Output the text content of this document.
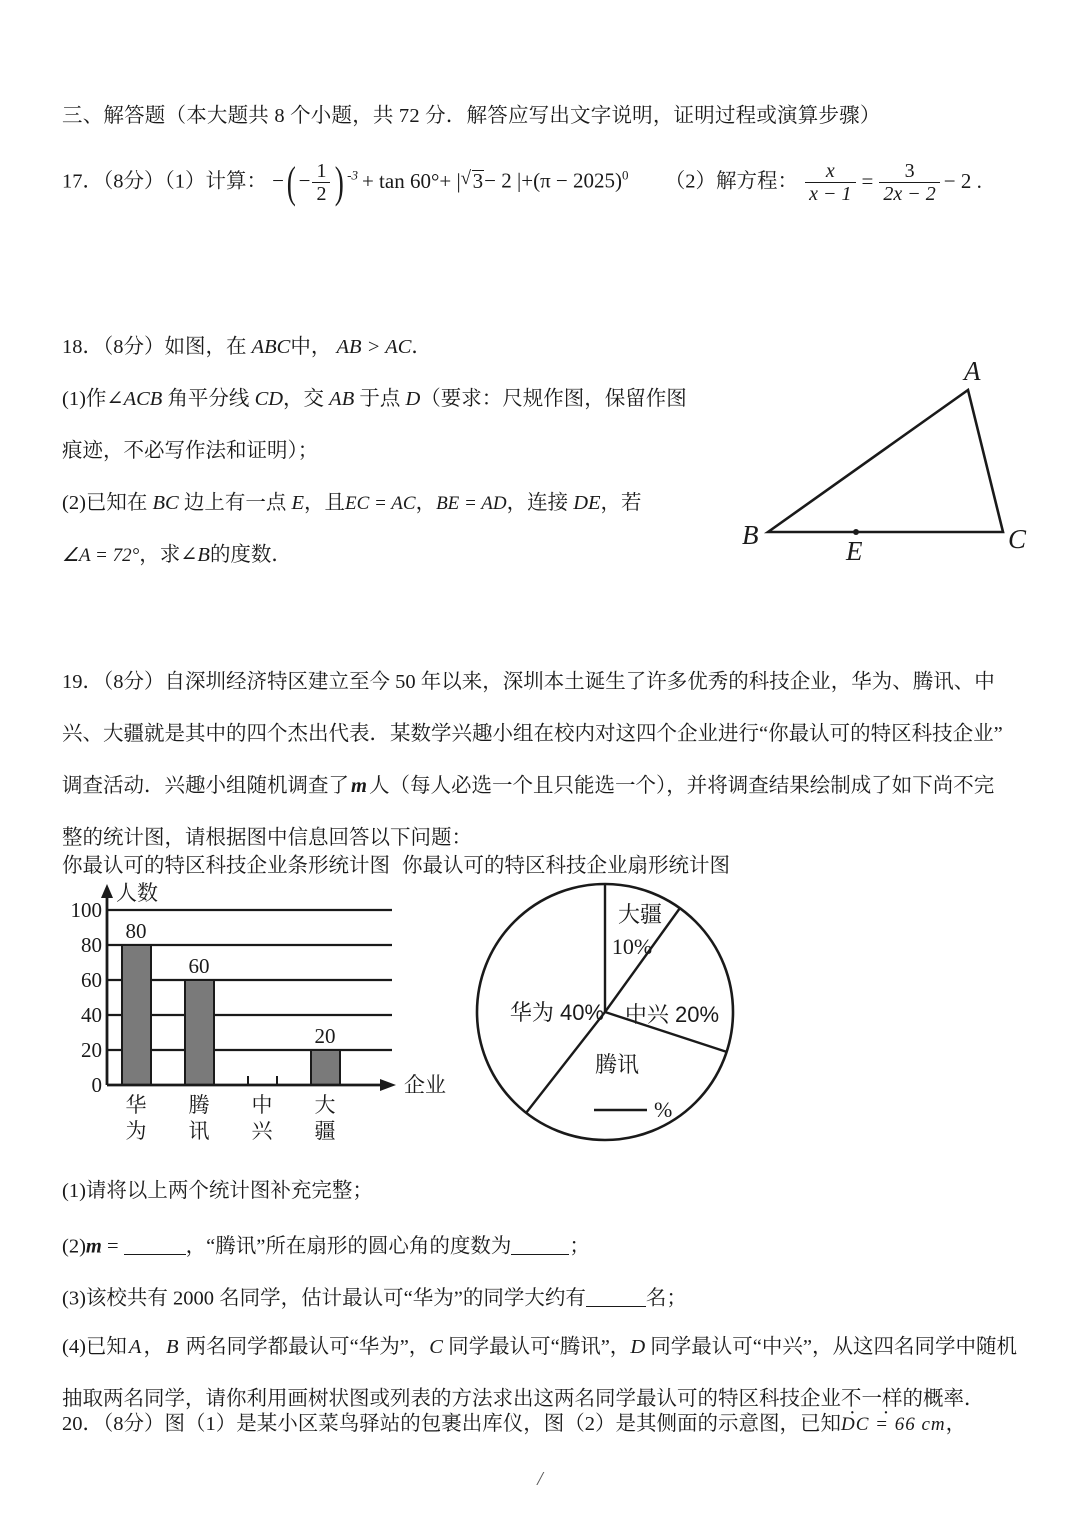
三、解答题（本大题共 8 个小题，共 72 分．解答应写出文字说明，证明过程或演算步骤）
17．（8分）（1）计算： −( − $\frac{1}{2}$ ) $^{-3}$ + tan 60°+ | √ 3− 2 $|+(\pi - 2025)^0$ （2）解方程： $\frac{x}{x - 1} = \frac{3}{2x - 2} - 2$ .
18．（8分）如图，在 ABC中， AB > AC．
(1)作∠ACB 角平分线 CD，交 AB 于点 D（要求：尺规作图，保留作图
痕迹，不必写作法和证明）；
(2)已知在 BC 边上有一点 E，且EC = AC，BE = AD，连接 DE，若
∠A = 72°，求∠B的度数．
A
B	C
E
19．（8分）自深圳经济特区建立至今 50 年以来，深圳本土诞生了许多优秀的科技企业，华为、腾讯、中
兴、大疆就是其中的四个杰出代表．某数学兴趣小组在校内对这四个企业进行“你最认可的特区科技企业”
调查活动．兴趣小组随机调查了m人（每人必选一个且只能选一个），并将调查结果绘制成了如下尚不完
整的统计图，请根据图中信息回答以下问题：
你最认可的特区科技企业条形统计图 你最认可的特区科技企业扇形统计图
0
20
40
60
80
100
人数
企业
80
60
20
华
为
腾
讯
中
兴
大
疆
华为 40% 中兴 20%
大疆
10%
腾讯
%
(1)请将以上两个统计图补充完整；
(2)m =	，“腾讯”所在扇形的圆心角的度数为	；
(3)该校共有 2000 名同学，估计最认可“华为”的同学大约有	名；
(4)已知A，B 两名同学都最认可“华为”，C 同学最认可“腾讯”，D 同学最认可“中兴”，从这四名同学中随机
抽取两名同学，请你利用画树状图或列表的方法求出这两名同学最认可的特区科技企业不一样 · ·的概率．
20．（8分）图（1）是某小区菜鸟驿站的包裹出库仪，图（2）是其侧面的示意图，已知DC = 66 cm，
/
